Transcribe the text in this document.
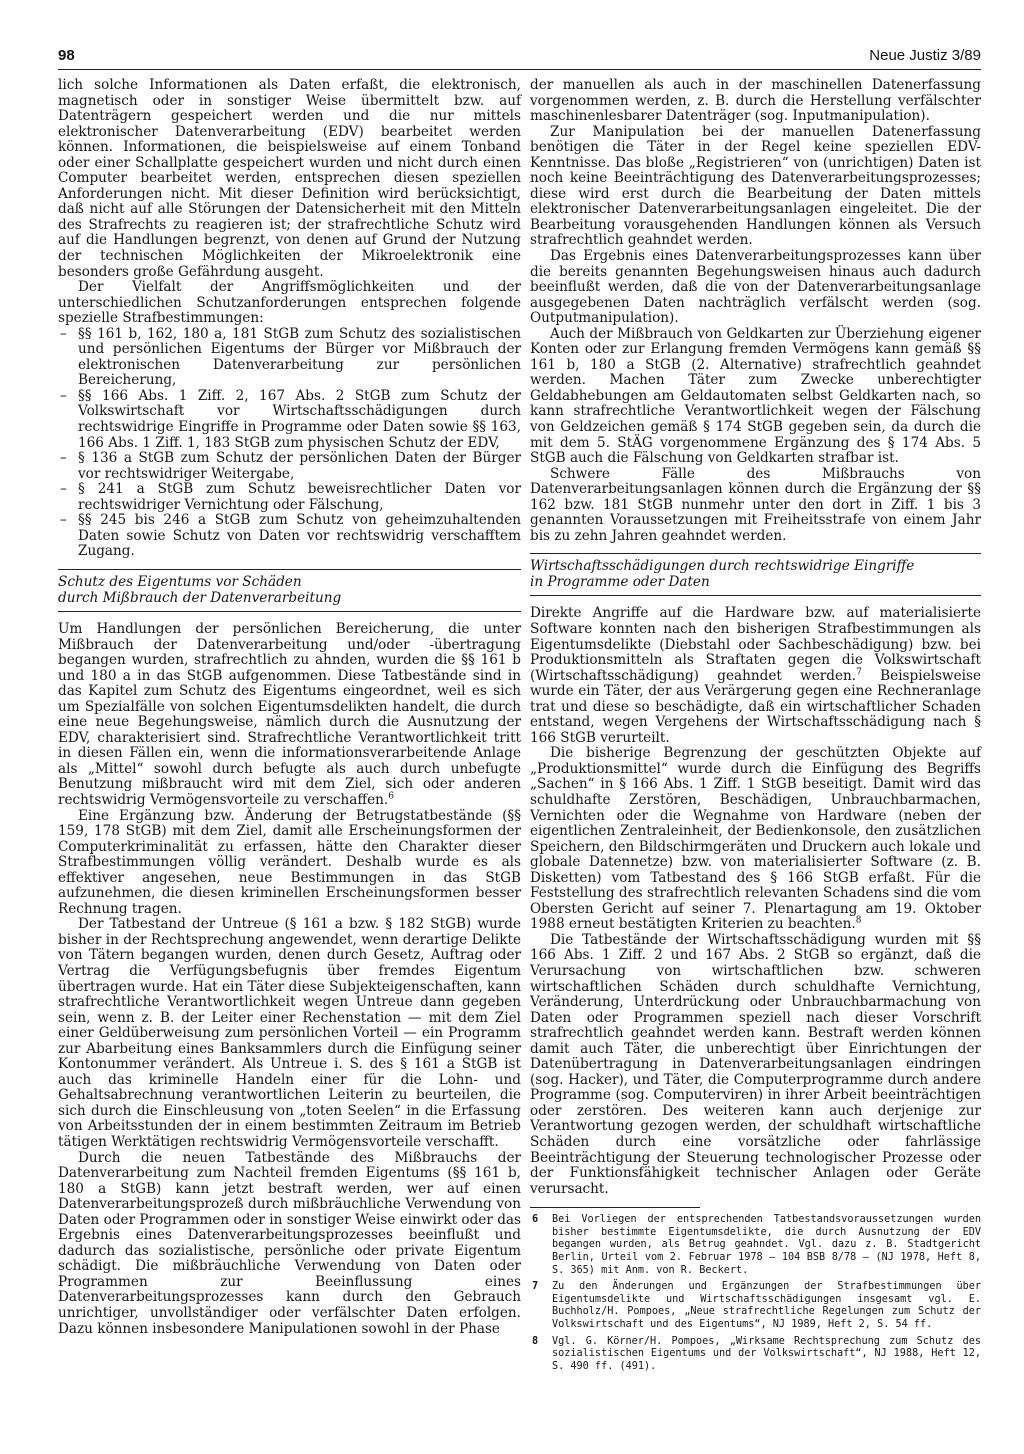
98	Neue Justiz 3/89

lich solche Informationen als Daten erfaßt, die elektronisch, magnetisch oder in sonstiger Weise übermittelt bzw. auf Datenträgern gespeichert werden und die nur mittels elektronischer Datenverarbeitung (EDV) bearbeitet werden können. Informationen, die beispielsweise auf einem Tonband oder einer Schallplatte gespeichert wurden und nicht durch einen Computer bearbeitet werden, entsprechen diesen speziellen Anforderungen nicht. Mit dieser Definition wird berücksichtigt, daß nicht auf alle Störungen der Datensicherheit mit den Mitteln des Strafrechts zu reagieren ist; der strafrechtliche Schutz wird auf die Handlungen begrenzt, von denen auf Grund der Nutzung der technischen Möglichkeiten der Mikroelektronik eine besonders große Gefährdung ausgeht.

Der Vielfalt der Angriffsmöglichkeiten und der unterschiedlichen Schutzanforderungen entsprechen folgende spezielle Strafbestimmungen:

– §§ 161 b, 162, 180 a, 181 StGB zum Schutz des sozialistischen und persönlichen Eigentums der Bürger vor Mißbrauch der elektronischen Datenverarbeitung zur persönlichen Bereicherung,
– §§ 166 Abs. 1 Ziff. 2, 167 Abs. 2 StGB zum Schutz der Volkswirtschaft vor Wirtschaftsschädigungen durch rechtswidrige Eingriffe in Programme oder Daten sowie §§ 163, 166 Abs. 1 Ziff. 1, 183 StGB zum physischen Schutz der EDV,
– § 136 a StGB zum Schutz der persönlichen Daten der Bürger vor rechtswidriger Weitergabe,
– § 241 a StGB zum Schutz beweisrechtlicher Daten vor rechtswidriger Vernichtung oder Fälschung,
– §§ 245 bis 246 a StGB zum Schutz von geheimzuhaltenden Daten sowie Schutz von Daten vor rechtswidrig verschafftem Zugang.
Schutz des Eigentums vor Schäden
durch Mißbrauch der Datenverarbeitung

Um Handlungen der persönlichen Bereicherung, die unter Mißbrauch der Datenverarbeitung und/oder -übertragung begangen wurden, strafrechtlich zu ahnden, wurden die §§ 161 b und 180 a in das StGB aufgenommen. Diese Tatbestände sind in das Kapitel zum Schutz des Eigentums eingeordnet, weil es sich um Spezialfälle von solchen Eigentumsdelikten handelt, die durch eine neue Begehungsweise, nämlich durch die Ausnutzung der EDV, charakterisiert sind. Strafrechtliche Verantwortlichkeit tritt in diesen Fällen ein, wenn die informationsverarbeitende Anlage als „Mittel“ sowohl durch befugte als auch durch unbefugte Benutzung mißbraucht wird mit dem Ziel, sich oder anderen rechtswidrig Vermögensvorteile zu verschaffen.$^6$

Eine Ergänzung bzw. Änderung der Betrugstatbestände (§§ 159, 178 StGB) mit dem Ziel, damit alle Erscheinungsformen der Computerkriminalität zu erfassen, hätte den Charakter dieser Strafbestimmungen völlig verändert. Deshalb wurde es als effektiver angesehen, neue Bestimmungen in das StGB aufzunehmen, die diesen kriminellen Erscheinungsformen besser Rechnung tragen.

Der Tatbestand der Untreue (§ 161 a bzw. § 182 StGB) wurde bisher in der Rechtsprechung angewendet, wenn derartige Delikte von Tätern begangen wurden, denen durch Gesetz, Auftrag oder Vertrag die Verfügungsbefugnis über fremdes Eigentum übertragen wurde. Hat ein Täter diese Subjekteigenschaften, kann strafrechtliche Verantwortlichkeit wegen Untreue dann gegeben sein, wenn z. B. der Leiter einer Rechenstation — mit dem Ziel einer Geldüberweisung zum persönlichen Vorteil — ein Programm zur Abarbeitung eines Banksammlers durch die Einfügung seiner Kontonummer verändert. Als Untreue i. S. des § 161 a StGB ist auch das kriminelle Handeln einer für die Lohn- und Gehaltsabrechnung verantwortlichen Leiterin zu beurteilen, die sich durch die Einschleusung von „toten Seelen“ in die Erfassung von Arbeitsstunden der in einem bestimmten Zeitraum im Betrieb tätigen Werktätigen rechtswidrig Vermögensvorteile verschafft.

Durch die neuen Tatbestände des Mißbrauchs der Datenverarbeitung zum Nachteil fremden Eigentums (§§ 161 b, 180 a StGB) kann jetzt bestraft werden, wer auf einen Datenverarbeitungsprozeß durch mißbräuchliche Verwendung von Daten oder Programmen oder in sonstiger Weise einwirkt oder das Ergebnis eines Datenverarbeitungsprozesses beeinflußt und dadurch das sozialistische, persönliche oder private Eigentum schädigt. Die mißbräuchliche Verwendung von Daten oder Programmen zur Beeinflussung eines Datenverarbeitungsprozesses kann durch den Gebrauch unrichtiger, unvollständiger oder verfälschter Daten erfolgen. Dazu können insbesondere Manipulationen sowohl in der Phase

der manuellen als auch in der maschinellen Datenerfassung vorgenommen werden, z. B. durch die Herstellung verfälschter maschinenlesbarer Datenträger (sog. Inputmanipulation).

Zur Manipulation bei der manuellen Datenerfassung benötigen die Täter in der Regel keine speziellen EDV-Kenntnisse. Das bloße „Registrieren“ von (unrichtigen) Daten ist noch keine Beeinträchtigung des Datenverarbeitungsprozesses; diese wird erst durch die Bearbeitung der Daten mittels elektronischer Datenverarbeitungsanlagen eingeleitet. Die der Bearbeitung vorausgehenden Handlungen können als Versuch strafrechtlich geahndet werden.

Das Ergebnis eines Datenverarbeitungsprozesses kann über die bereits genannten Begehungsweisen hinaus auch dadurch beeinflußt werden, daß die von der Datenverarbeitungsanlage ausgegebenen Daten nachträglich verfälscht werden (sog. Outputmanipulation).

Auch der Mißbrauch von Geldkarten zur Überziehung eigener Konten oder zur Erlangung fremden Vermögens kann gemäß §§ 161 b, 180 a StGB (2. Alternative) strafrechtlich geahndet werden. Machen Täter zum Zwecke unberechtigter Geldabhebungen am Geldautomaten selbst Geldkarten nach, so kann strafrechtliche Verantwortlichkeit wegen der Fälschung von Geldzeichen gemäß § 174 StGB gegeben sein, da durch die mit dem 5. StÄG vorgenommene Ergänzung des § 174 Abs. 5 StGB auch die Fälschung von Geldkarten strafbar ist.

Schwere Fälle des Mißbrauchs von Datenverarbeitungsanlagen können durch die Ergänzung der §§ 162 bzw. 181 StGB nunmehr unter den dort in Ziff. 1 bis 3 genannten Voraussetzungen mit Freiheitsstrafe von einem Jahr bis zu zehn Jahren geahndet werden.

Wirtschaftsschädigungen durch rechtswidrige Eingriffe
in Programme oder Daten

Direkte Angriffe auf die Hardware bzw. auf materialisierte Software konnten nach den bisherigen Strafbestimmungen als Eigentumsdelikte (Diebstahl oder Sachbeschädigung) bzw. bei Produktionsmitteln als Straftaten gegen die Volkswirtschaft (Wirtschaftsschädigung) geahndet werden.$^7$ Beispielsweise wurde ein Täter, der aus Verärgerung gegen eine Rechneranlage trat und diese so beschädigte, daß ein wirtschaftlicher Schaden entstand, wegen Vergehens der Wirtschaftsschädigung nach § 166 StGB verurteilt.

Die bisherige Begrenzung der geschützten Objekte auf „Produktionsmittel“ wurde durch die Einfügung des Begriffs „Sachen“ in § 166 Abs. 1 Ziff. 1 StGB beseitigt. Damit wird das schuldhafte Zerstören, Beschädigen, Unbrauchbarmachen, Vernichten oder die Wegnahme von Hardware (neben der eigentlichen Zentraleinheit, der Bedienkonsole, den zusätzlichen Speichern, den Bildschirmgeräten und Druckern auch lokale und globale Datennetze) bzw. von materialisierter Software (z. B. Disketten) vom Tatbestand des § 166 StGB erfaßt. Für die Feststellung des strafrechtlich relevanten Schadens sind die vom Obersten Gericht auf seiner 7. Plenartagung am 19. Oktober 1988 erneut bestätigten Kriterien zu beachten.$^8$

Die Tatbestände der Wirtschaftsschädigung wurden mit §§ 166 Abs. 1 Ziff. 2 und 167 Abs. 2 StGB so ergänzt, daß die Verursachung von wirtschaftlichen bzw. schweren wirtschaftlichen Schäden durch schuldhafte Vernichtung, Veränderung, Unterdrückung oder Unbrauchbarmachung von Daten oder Programmen speziell nach dieser Vorschrift strafrechtlich geahndet werden kann. Bestraft werden können damit auch Täter, die unberechtigt über Einrichtungen der Datenübertragung in Datenverarbeitungsanlagen eindringen (sog. Hacker), und Täter, die Computerprogramme durch andere Programme (sog. Computerviren) in ihrer Arbeit beeinträchtigen oder zerstören. Des weiteren kann auch derjenige zur Verantwortung gezogen werden, der schuldhaft wirtschaftliche Schäden durch eine vorsätzliche oder fahrlässige Beeinträchtigung der Steuerung technologischer Prozesse oder der Funktionsfähigkeit technischer Anlagen oder Geräte verursacht.

6 Bei Vorliegen der entsprechenden Tatbestandsvoraussetzungen wurden bisher bestimmte Eigentumsdelikte, die durch Ausnutzung der EDV begangen wurden, als Betrug geahndet. Vgl. dazu z. B. Stadtgericht Berlin, Urteil vom 2. Februar 1978 — 104 BSB 8/78 — (NJ 1978, Heft 8, S. 365) mit Anm. von R. Beckert.
7 Zu den Änderungen und Ergänzungen der Strafbestimmungen über Eigentumsdelikte und Wirtschaftsschädigungen insgesamt vgl. E. Buchholz/H. Pompoes, „Neue strafrechtliche Regelungen zum Schutz der Volkswirtschaft und des Eigentums“, NJ 1989, Heft 2, S. 54 ff.
8 Vgl. G. Körner/H. Pompoes, „Wirksame Rechtsprechung zum Schutz des sozialistischen Eigentums und der Volkswirtschaft“, NJ 1988, Heft 12, S. 490 ff. (491).
